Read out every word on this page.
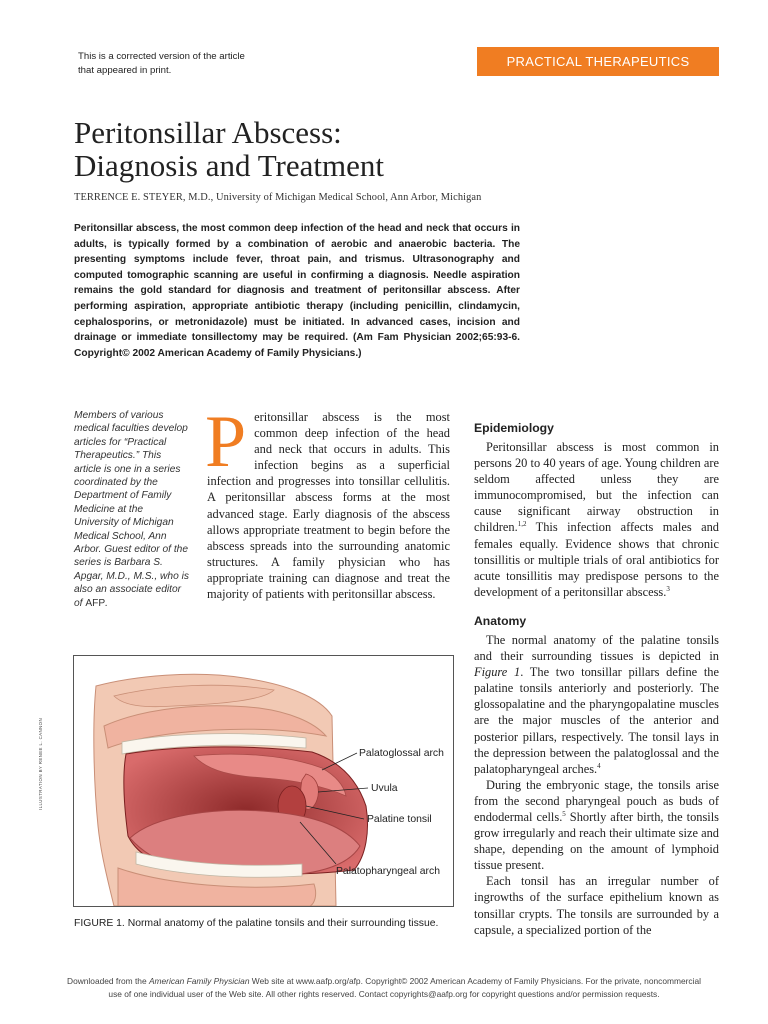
This is a corrected version of the article that appeared in print.
PRACTICAL THERAPEUTICS
Peritonsillar Abscess:
Diagnosis and Treatment
TERRENCE E. STEYER, M.D., University of Michigan Medical School, Ann Arbor, Michigan

Peritonsillar abscess, the most common deep infection of the head and neck that occurs in adults, is typically formed by a combination of aerobic and anaerobic bacteria. The presenting symptoms include fever, throat pain, and trismus. Ultrasonography and computed tomographic scanning are useful in confirming a diagnosis. Needle aspiration remains the gold standard for diagnosis and treatment of peritonsillar abscess. After performing aspiration, appropriate antibiotic therapy (including penicillin, clindamycin, cephalosporins, or metronidazole) must be initiated. In advanced cases, incision and drainage or immediate tonsillectomy may be required. (Am Fam Physician 2002;65:93-6. Copyright© 2002 American Academy of Family Physicians.)

Members of various medical faculties develop articles for “Practical Therapeutics.” This article is one in a series coordinated by the Department of Family Medicine at the University of Michigan Medical School, Ann Arbor. Guest editor of the series is Barbara S. Apgar, M.D., M.S., who is also an associate editor of AFP.

Peritonsillar abscess is the most common deep infection of the head and neck that occurs in adults. This infection begins as a superficial infection and progresses into tonsillar cellulitis. A peritonsillar abscess forms at the most advanced stage. Early diagnosis of the abscess allows appropriate treatment to begin before the abscess spreads into the surrounding anatomic structures. A family physician who has appropriate training can diagnose and treat the majority of patients with peritonsillar abscess.

Epidemiology

Peritonsillar abscess is most common in persons 20 to 40 years of age. Young children are seldom affected unless they are immunocompromised, but the infection can cause significant airway obstruction in children.$^{1,2}$ This infection affects males and females equally. Evidence shows that chronic tonsillitis or multiple trials of oral antibiotics for acute tonsillitis may predispose persons to the development of a peritonsillar abscess.$^3$

Anatomy

The normal anatomy of the palatine tonsils and their surrounding tissues is depicted in Figure 1. The two tonsillar pillars define the palatine tonsils anteriorly and posteriorly. The glossopalatine and the pharyngopalatine muscles are the major muscles of the anterior and posterior pillars, respectively. The tonsil lays in the depression between the palatoglossal and the palatopharyngeal arches.$^4$

During the embryonic stage, the tonsils arise from the second pharyngeal pouch as buds of endodermal cells.$^5$ Shortly after birth, the tonsils grow irregularly and reach their ultimate size and shape, depending on the amount of lymphoid tissue present.

Each tonsil has an irregular number of ingrowths of the surface epithelium known as tonsillar crypts. The tonsils are surrounded by a capsule, a specialized portion of the

Palatoglossal arch
Uvula
Palatine tonsil
Palatopharyngeal arch
ILLUSTRATION BY RENEE L. CANNON

FIGURE 1. Normal anatomy of the palatine tonsils and their surrounding tissue.

Downloaded from the American Family Physician Web site at www.aafp.org/afp. Copyright© 2002 American Academy of Family Physicians. For the private, noncommercial use of one individual user of the Web site. All other rights reserved. Contact copyrights@aafp.org for copyright questions and/or permission requests.
